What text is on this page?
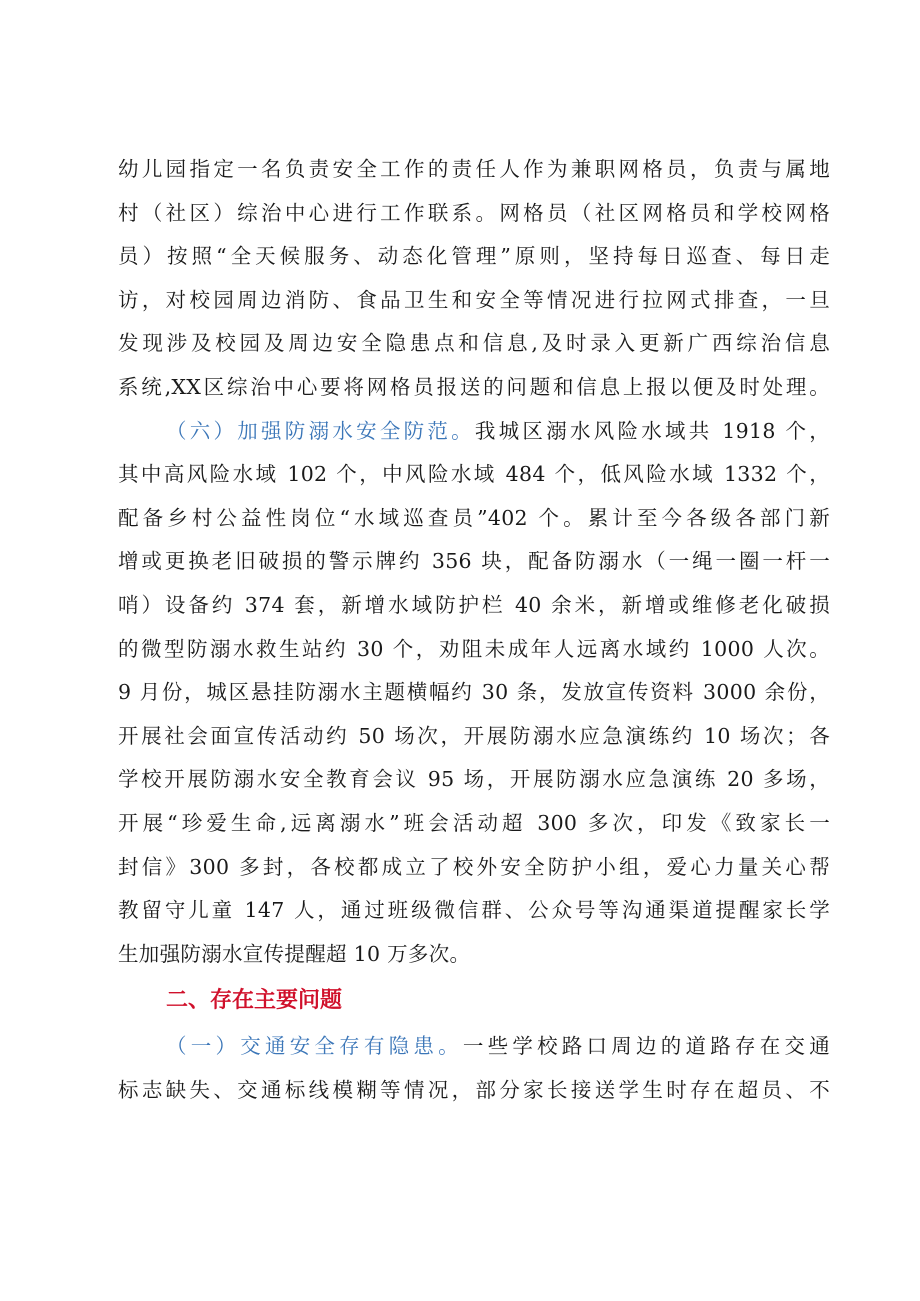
幼儿园指定一名负责安全工作的责任人作为兼职网格员，负责与属地
村（社区）综治中心进行工作联系。网格员（社区网格员和学校网格
员）按照“全天候服务、动态化管理”原则，坚持每日巡查、每日走
访，对校园周边消防、食品卫生和安全等情况进行拉网式排查，一旦
发现涉及校园及周边安全隐患点和信息,及时录入更新广西综治信息
系统,XX区综治中心要将网格员报送的问题和信息上报以便及时处理。
（六）加强防溺水安全防范。我城区溺水风险水域共 1918 个，
其中高风险水域 102 个，中风险水域 484 个，低风险水域 1332 个，
配备乡村公益性岗位“水域巡查员”402 个。累计至今各级各部门新
增或更换老旧破损的警示牌约 356 块，配备防溺水（一绳一圈一杆一
哨）设备约 374 套，新增水域防护栏 40 余米，新增或维修老化破损
的微型防溺水救生站约 30 个，劝阻未成年人远离水域约 1000 人次。
9 月份，城区悬挂防溺水主题横幅约 30 条，发放宣传资料 3000 余份，
开展社会面宣传活动约 50 场次，开展防溺水应急演练约 10 场次；各
学校开展防溺水安全教育会议 95 场，开展防溺水应急演练 20 多场，
开展“珍爱生命,远离溺水”班会活动超 300 多次，印发《致家长一
封信》300 多封，各校都成立了校外安全防护小组，爱心力量关心帮
教留守儿童 147 人，通过班级微信群、公众号等沟通渠道提醒家长学
生加强防溺水宣传提醒超 10 万多次。
二、存在主要问题
（一）交通安全存有隐患。一些学校路口周边的道路存在交通
标志缺失、交通标线模糊等情况，部分家长接送学生时存在超员、不
